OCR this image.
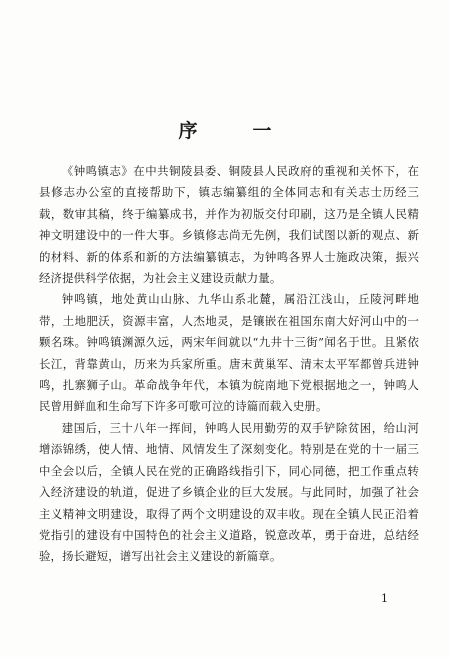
序　一

《钟鸣镇志》在中共铜陵县委、铜陵县人民政府的重视和关怀下，在县修志办公室的直接帮助下，镇志编纂组的全体同志和有关志士历经三载，数审其稿，终于编纂成书，并作为初版交付印刷，这乃是全镇人民精神文明建设中的一件大事。乡镇修志尚无先例，我们试图以新的观点、新的材料、新的体系和新的方法编纂镇志，为钟鸣各界人士施政决策，振兴经济提供科学依据，为社会主义建设贡献力量。

钟鸣镇，地处黄山山脉、九华山系北麓，属沿江浅山，丘陵河畔地带，土地肥沃，资源丰富，人杰地灵，是镶嵌在祖国东南大好河山中的一颗名珠。钟鸣镇渊源久远，两宋年间就以“九井十三街”闻名于世。且紧依长江，背靠黄山，历来为兵家所重。唐末黄巢军、清末太平军都曾兵进钟鸣，扎寨狮子山。革命战争年代，本镇为皖南地下党根据地之一，钟鸣人民曾用鲜血和生命写下许多可歌可泣的诗篇而载入史册。

建国后，三十八年一挥间，钟鸣人民用勤劳的双手铲除贫困，给山河增添锦绣，使人情、地情、风情发生了深刻变化。特别是在党的十一届三中全会以后，全镇人民在党的正确路线指引下，同心同德，把工作重点转入经济建设的轨道，促进了乡镇企业的巨大发展。与此同时，加强了社会主义精神文明建设，取得了两个文明建设的双丰收。现在全镇人民正沿着党指引的建设有中国特色的社会主义道路，锐意改革，勇于奋进，总结经验，扬长避短，谱写出社会主义建设的新篇章。

1
